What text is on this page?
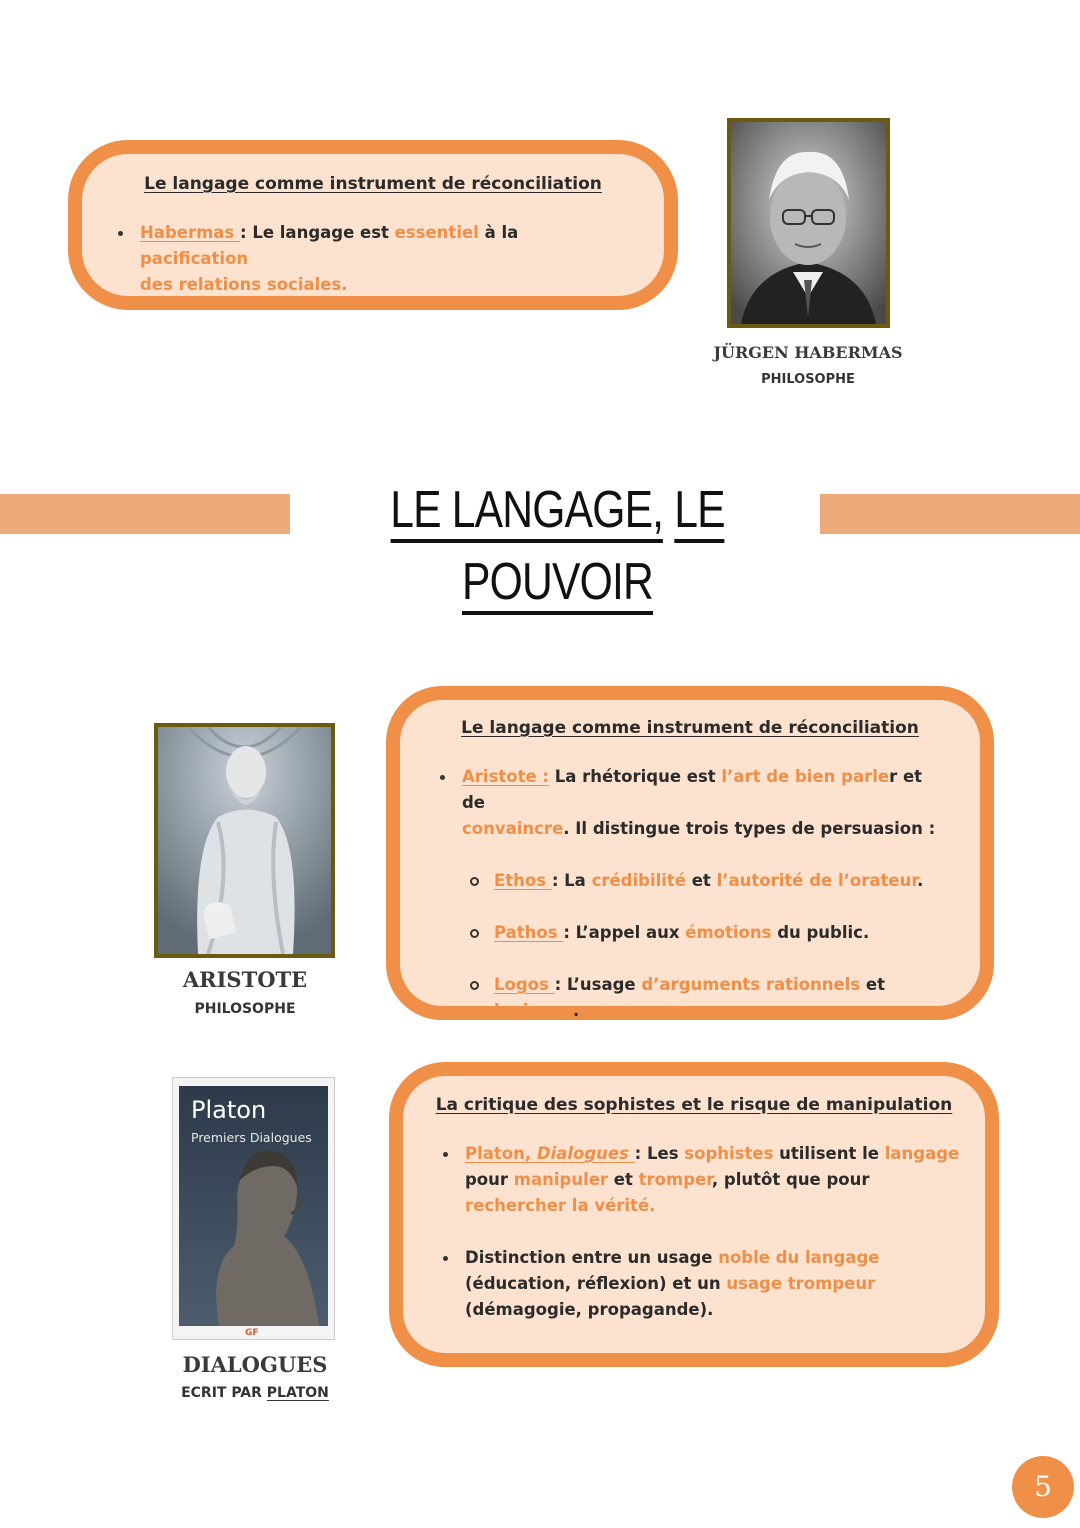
Le langage comme instrument de réconciliation
Habermas : Le langage est essentiel à la pacification
des relations sociales.
JÜRGEN HABERMAS
PHILOSOPHE
LE LANGAGE, LE POUVOIR
ARISTOTE
PHILOSOPHE
Le langage comme instrument de réconciliation
Aristote : La rhétorique est l’art de bien parler et de
convaincre. Il distingue trois types de persuasion :
Ethos : La crédibilité et l’autorité de l’orateur.
Pathos : L’appel aux émotions du public.
Logos : L’usage d’arguments rationnels et logiques.
Platon
Premiers Dialogues
GF
DIALOGUES
ECRIT PAR PLATON
La critique des sophistes et le risque de manipulation
Platon, Dialogues : Les sophistes utilisent le langage
pour manipuler et tromper, plutôt que pour rechercher la vérité.
Distinction entre un usage noble du langage (éducation, réflexion) et un usage trompeur (démagogie, propagande).
5
